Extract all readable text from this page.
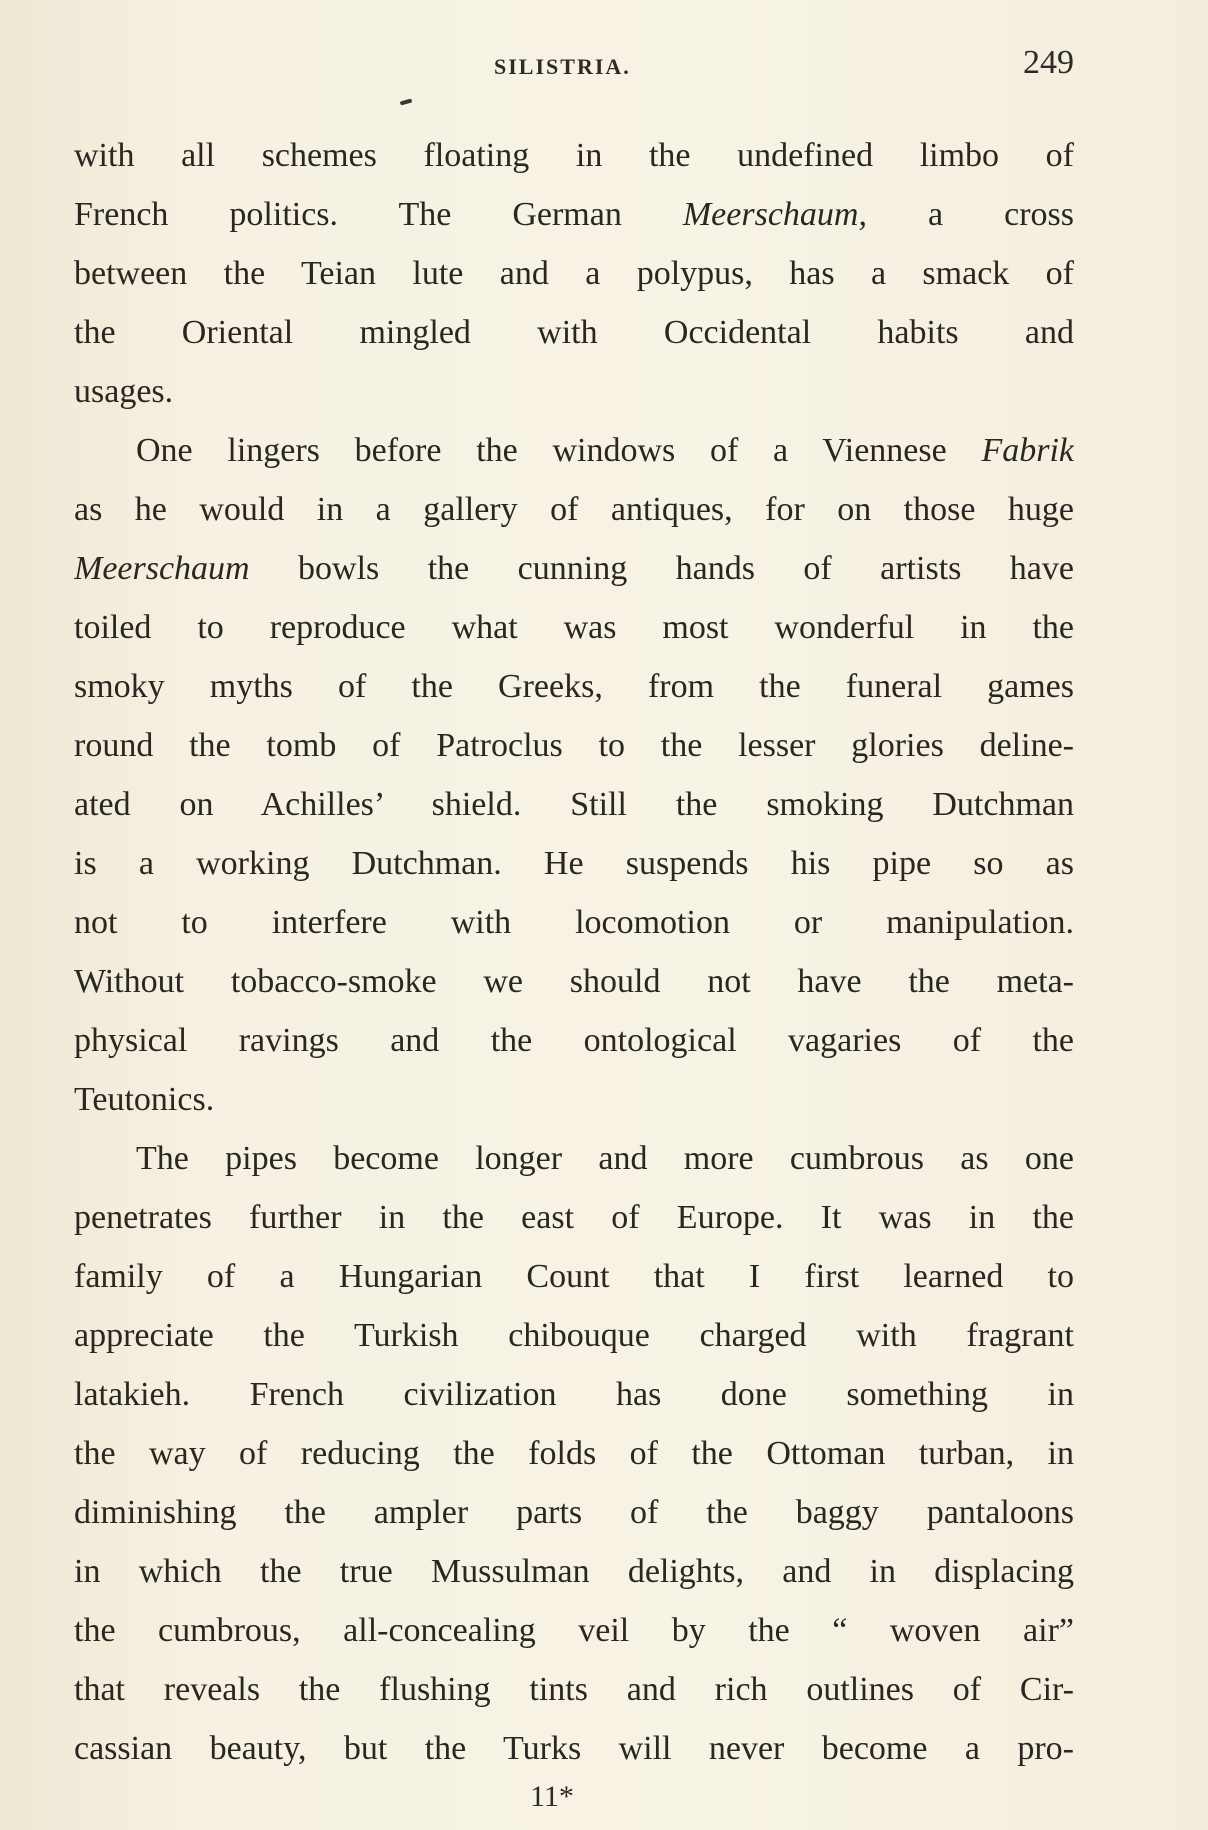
SILISTRIA.	249
with all schemes floating in the undefined limbo of
French politics. The German Meerschaum, a cross
between the Teian lute and a polypus, has a smack of
the Oriental mingled with Occidental habits and
usages.
One lingers before the windows of a Viennese Fabrik
as he would in a gallery of antiques, for on those huge
Meerschaum bowls the cunning hands of artists have
toiled to reproduce what was most wonderful in the
smoky myths of the Greeks, from the funeral games
round the tomb of Patroclus to the lesser glories deline-
ated on Achilles’ shield. Still the smoking Dutchman
is a working Dutchman. He suspends his pipe so as
not to interfere with locomotion or manipulation.
Without tobacco-smoke we should not have the meta-
physical ravings and the ontological vagaries of the
Teutonics.
The pipes become longer and more cumbrous as one
penetrates further in the east of Europe. It was in the
family of a Hungarian Count that I first learned to
appreciate the Turkish chibouque charged with fragrant
latakieh. French civilization has done something in
the way of reducing the folds of the Ottoman turban, in
diminishing the ampler parts of the baggy pantaloons
in which the true Mussulman delights, and in displacing
the cumbrous, all-concealing veil by the “ woven air”
that reveals the flushing tints and rich outlines of Cir-
cassian beauty, but the Turks will never become a pro-
11*
